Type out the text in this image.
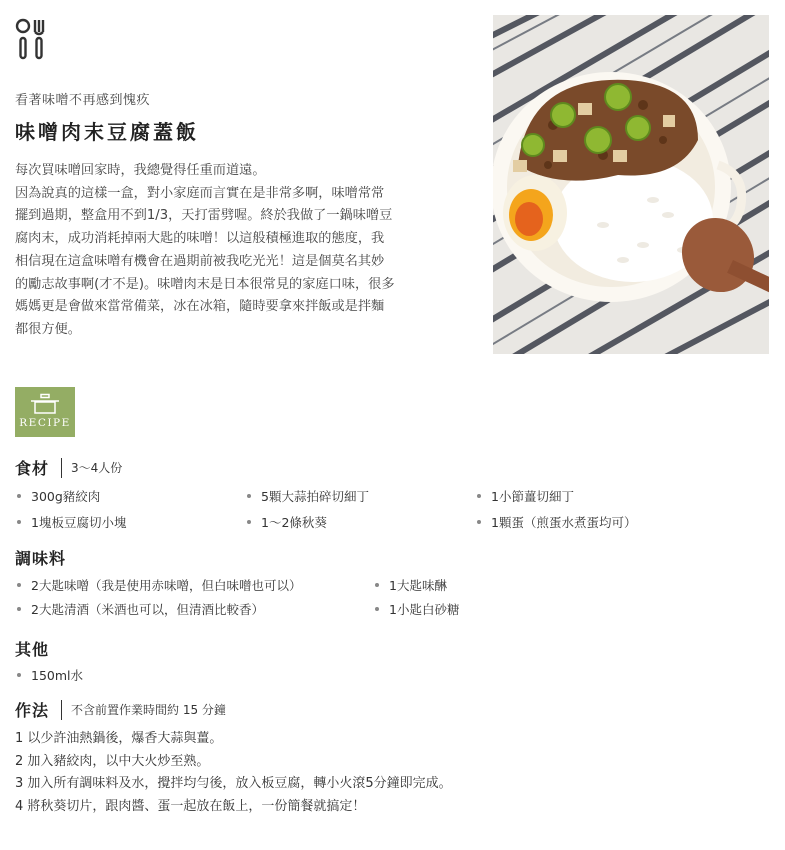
看著味噌不再感到愧疚
味噌肉末豆腐蓋飯

每次買味噌回家時，我總覺得任重而道遠。

因為說真的這樣一盒，對小家庭而言實在是非常多啊，味噌常常

擺到過期，整盒用不到1/3，天打雷劈喔。終於我做了一鍋味噌豆

腐肉末，成功消耗掉兩大匙的味噌！以這般積極進取的態度，我

相信現在這盒味噌有機會在過期前被我吃光光！這是個莫名其妙

的勵志故事啊(才不是)。味噌肉末是日本很常見的家庭口味，很多

媽媽更是會做來當常備菜，冰在冰箱，隨時要拿來拌飯或是拌麵

都很方便。

RECIPE
食材 3～4人份
300g豬絞肉	5顆大蒜拍碎切細丁	1小節薑切細丁
1塊板豆腐切小塊	1～2條秋葵	1顆蛋（煎蛋水煮蛋均可）
調味料
2大匙味噌（我是使用赤味噌，但白味噌也可以）	1大匙味醂
2大匙清酒（米酒也可以，但清酒比較香）	1小匙白砂糖
其他
150ml水
作法 不含前置作業時間約 15 分鐘

1 以少許油熱鍋後，爆香大蒜與薑。

2 加入豬絞肉，以中大火炒至熟。

3 加入所有調味料及水，攪拌均勻後，放入板豆腐，轉小火滾5分鐘即完成。

4 將秋葵切片，跟肉醬、蛋一起放在飯上，一份簡餐就搞定！
